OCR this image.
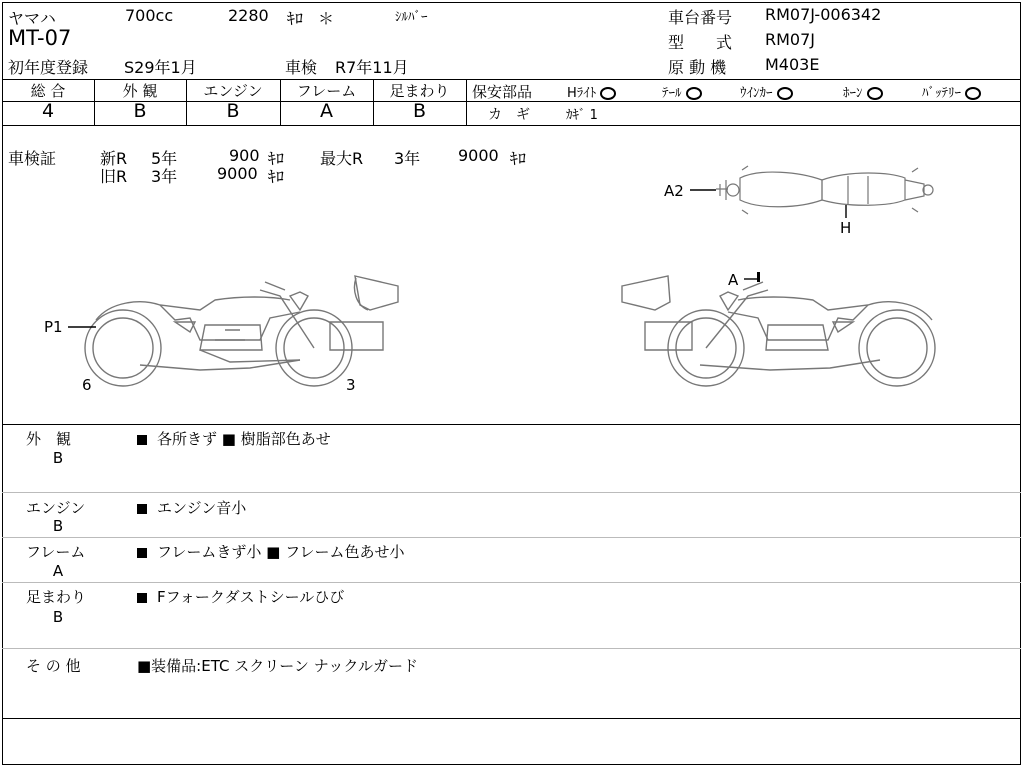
ヤマハ	700cc	2280 ｷﾛ ＊	ｼﾙﾊﾞｰ
MT-07
初年度登録 S29年1月	車検 R7年11月
車台番号 RM07J-006342
型　　式 RM07J
原 動 機 M403E
総 合	外 観	エンジン	フレーム	足まわり
4	B	B	A	B
保安部品	Hﾗｲﾄ	ﾃｰﾙ	ｳｲﾝｶｰ	ﾎｰﾝ	ﾊﾞｯﾃﾘｰ
カ　ギ	ｶｷﾞ 1
車検証	新R 5年	900 ｷﾛ 最大R 3年 9000 ｷﾛ
旧R 3年 9000 ｷﾛ
A2
H
P1
6	3
A
外　観
B
各所きず ■ 樹脂部色あせ
エンジン
B
エンジン音小
フレーム
A
フレームきず小 ■ フレーム色あせ小
足まわり
B
Fフォークダストシールひび
そ の 他	■装備品:ETC スクリーン ナックルガード
